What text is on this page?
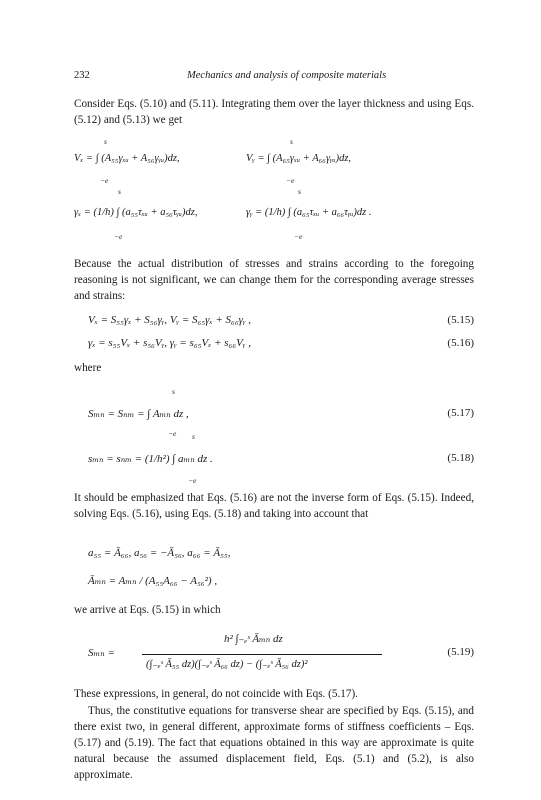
232	Mechanics and analysis of composite materials

Consider Eqs. (5.10) and (5.11). Integrating them over the layer thickness and using Eqs. (5.12) and (5.13) we get

s
Vₓ = ∫ (A₅₅γₓᵤ + A₅₆γᵧᵤ)dz,
−e
s
Vᵧ = ∫ (A₆₅γₓᵤ + A₆₆γᵧᵤ)dz,
−e
s
γₓ = (1/h) ∫ (a₅₅τₓᵤ + a₅₆τᵧᵤ)dz,
−e
s
γᵧ = (1/h) ∫ (a₆₅τₓᵤ + a₆₆τᵧᵤ)dz .
−e

Because the actual distribution of stresses and strains according to the foregoing reasoning is not significant, we can change them for the corresponding average stresses and strains:

Vₓ = S₅₅γₓ + S₅₆γᵧ, Vᵧ = S₆₅γₓ + S₆₆γᵧ ,	(5.15)
γₓ = s₅₅Vₓ + s₅₆Vᵧ, γᵧ = s₆₅Vₓ + s₆₆Vᵧ ,	(5.16)

where

s
Sₘₙ = Sₙₘ = ∫ Aₘₙ dz ,
−e
(5.17)
s
sₘₙ = sₙₘ = (1/h²) ∫ aₘₙ dz .
−e
(5.18)

It should be emphasized that Eqs. (5.16) are not the inverse form of Eqs. (5.15). Indeed, solving Eqs. (5.16), using Eqs. (5.18) and taking into account that

a₅₅ = Ā₆₆, a₅₆ = −Ā₅₆, a₆₆ = Ā₅₅,
Āₘₙ = Aₘₙ / (A₅₅A₆₆ − A₅₆²) ,

we arrive at Eqs. (5.15) in which

Sₘₙ =
h² ∫₋ₑˢ Āₘₙ dz
(∫₋ₑˢ Ā₅₅ dz)(∫₋ₑˢ Ā₆₆ dz) − (∫₋ₑˢ Ā₅₆ dz)²
(5.19)

These expressions, in general, do not coincide with Eqs. (5.17).

Thus, the constitutive equations for transverse shear are specified by Eqs. (5.15), and there exist two, in general different, approximate forms of stiffness coefficients – Eqs. (5.17) and (5.19). The fact that equations obtained in this way are approximate is quite natural because the assumed displacement field, Eqs. (5.1) and (5.2), is also approximate.
